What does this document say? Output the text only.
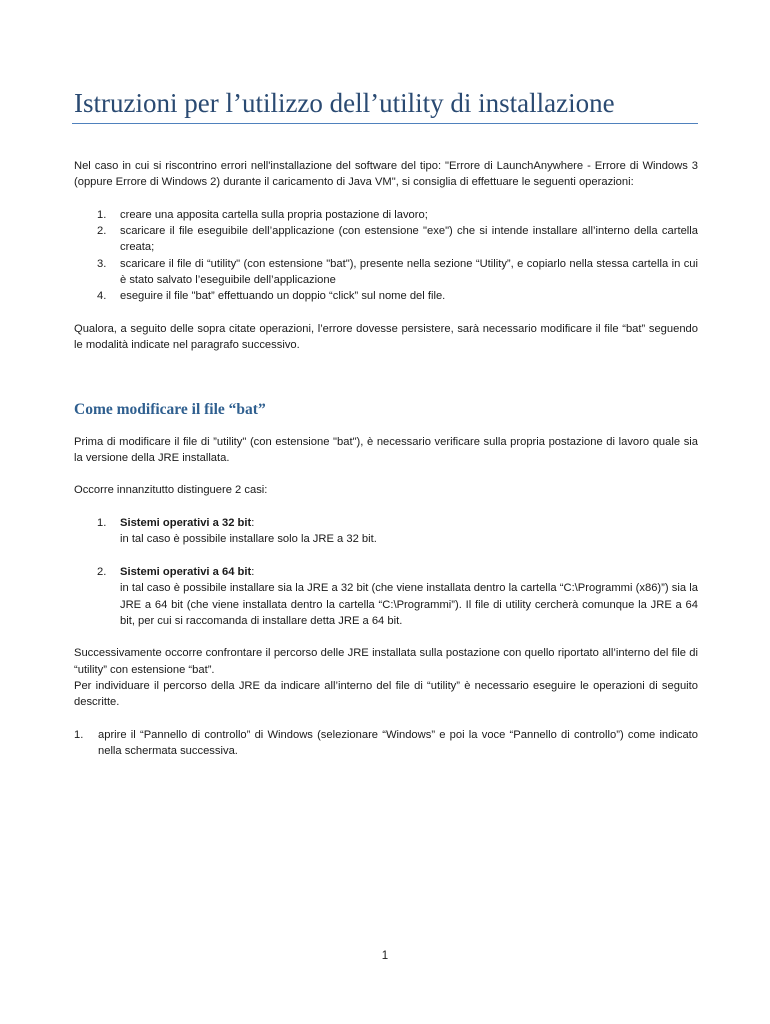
Istruzioni per l’utilizzo dell’utility di installazione

Nel caso in cui si riscontrino errori nell'installazione del software del tipo: "Errore di LaunchAnywhere - Errore di Windows 3 (oppure Errore di Windows 2) durante il caricamento di Java VM", si consiglia di effettuare le seguenti operazioni:

1. creare una apposita cartella sulla propria postazione di lavoro;
2. scaricare il file eseguibile dell’applicazione (con estensione "exe") che si intende installare all’interno della cartella creata;
3. scaricare il file di “utility" (con estensione "bat"), presente nella sezione “Utility”, e copiarlo nella stessa cartella in cui è stato salvato l’eseguibile dell’applicazione
4. eseguire il file "bat” effettuando un doppio “click” sul nome del file.

Qualora, a seguito delle sopra citate operazioni, l’errore dovesse persistere, sarà necessario modificare il file “bat” seguendo le modalità indicate nel paragrafo successivo.

Come modificare il file “bat”

Prima di modificare il file di ”utility" (con estensione "bat"), è necessario verificare sulla propria postazione di lavoro quale sia la versione della JRE installata.

Occorre innanzitutto distinguere 2 casi:

1. Sistemi operativi a 32 bit:
in tal caso è possibile installare solo la JRE a 32 bit.
2. Sistemi operativi a 64 bit:
in tal caso è possibile installare sia la JRE a 32 bit (che viene installata dentro la cartella “C:\Programmi (x86)”) sia la JRE a 64 bit (che viene installata dentro la cartella “C:\Programmi”). Il file di utility cercherà comunque la JRE a 64 bit, per cui si raccomanda di installare detta JRE a 64 bit.

Successivamente occorre confrontare il percorso delle JRE installata sulla postazione con quello riportato all’interno del file di “utility” con estensione “bat”.

Per individuare il percorso della JRE da indicare all’interno del file di “utility” è necessario eseguire le operazioni di seguito descritte.

1. aprire il “Pannello di controllo” di Windows (selezionare “Windows” e poi la voce “Pannello di controllo”) come indicato nella schermata successiva.
1
